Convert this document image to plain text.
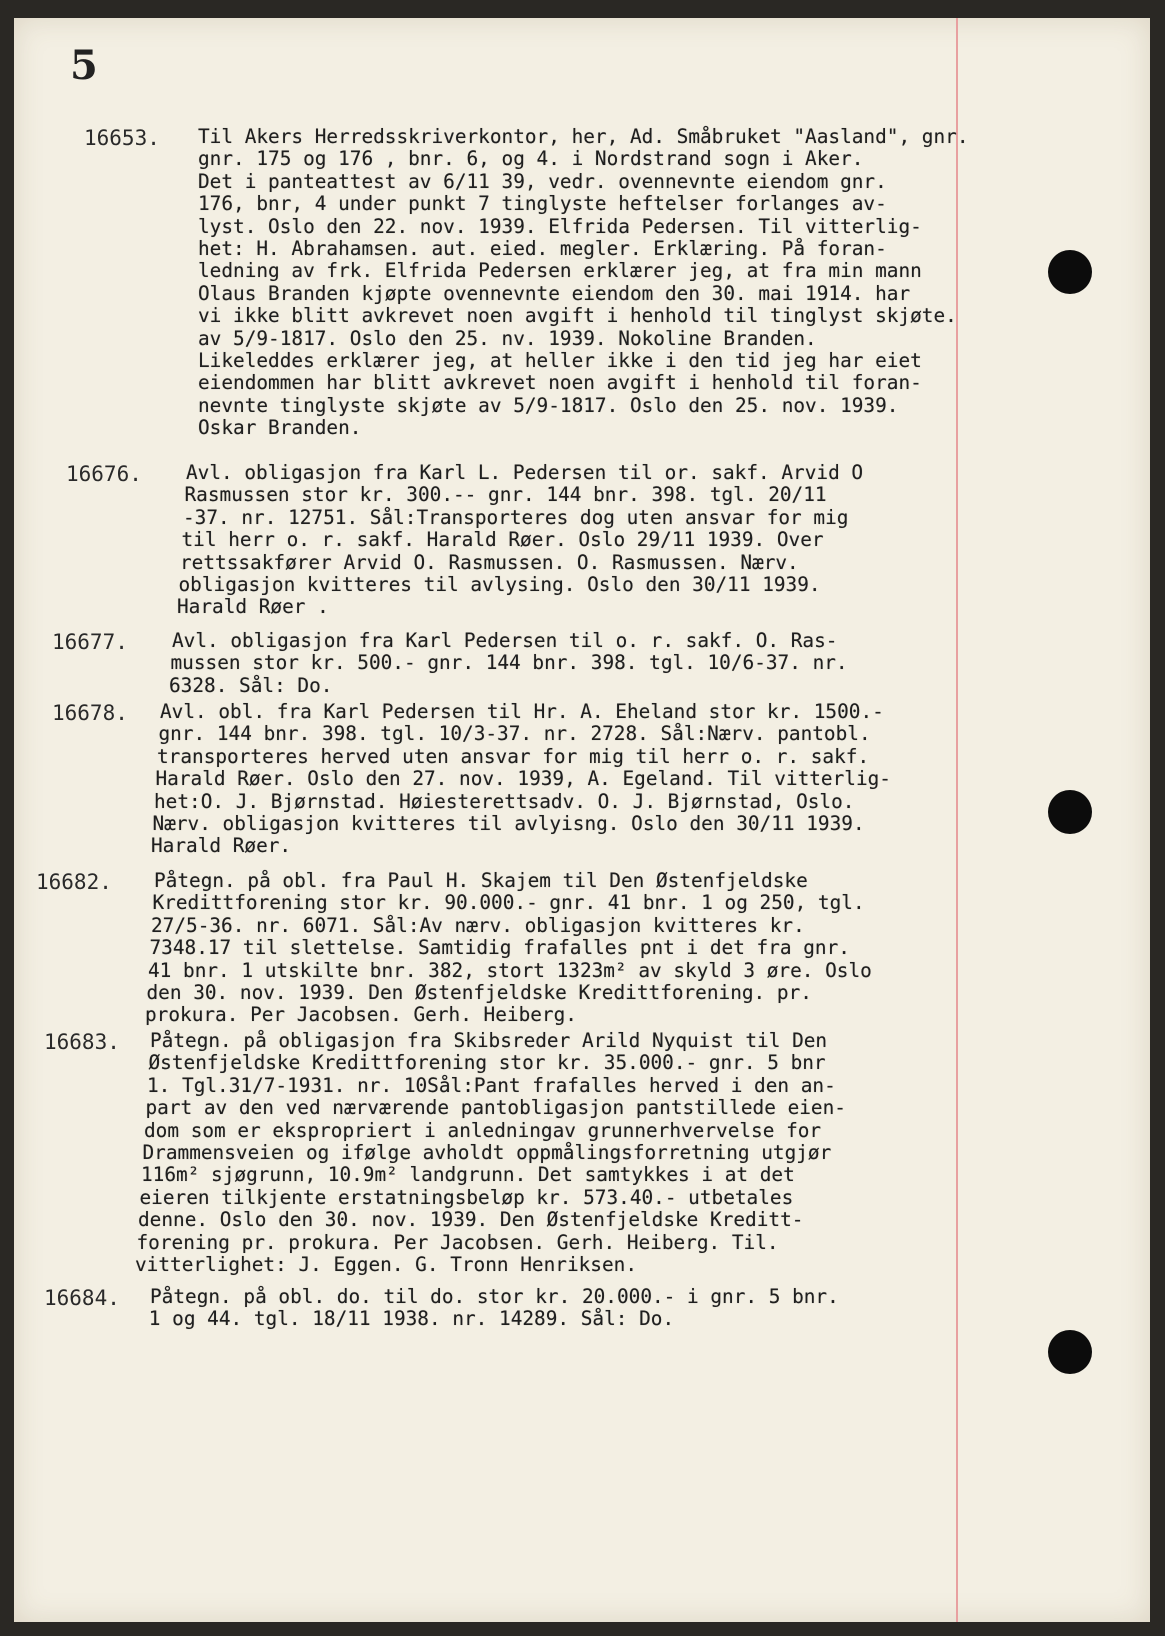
5
16653. Til Akers Herredsskriverkontor, her, Ad. Småbruket "Aasland", gnr.
gnr. 175 og 176 , bnr. 6, og 4. i Nordstrand sogn i Aker.
Det i panteattest av 6/11 39, vedr. ovennevnte eiendom gnr.
176, bnr, 4 under punkt 7 tinglyste heftelser forlanges av-
lyst. Oslo den 22. nov. 1939. Elfrida Pedersen. Til vitterlig-
het: H. Abrahamsen. aut. eied. megler. Erklæring. På foran-
ledning av frk. Elfrida Pedersen erklærer jeg, at fra min mann
Olaus Branden kjøpte ovennevnte eiendom den 30. mai 1914. har
vi ikke blitt avkrevet noen avgift i henhold til tinglyst skjøte.
av 5/9-1817. Oslo den 25. nv. 1939. Nokoline Branden.
Likeleddes erklærer jeg, at heller ikke i den tid jeg har eiet
eiendommen har blitt avkrevet noen avgift i henhold til foran-
nevnte tinglyste skjøte av 5/9-1817. Oslo den 25. nov. 1939.
Oskar Branden.
16676. Avl. obligasjon fra Karl L. Pedersen til or. sakf. Arvid O
Rasmussen stor kr. 300.-- gnr. 144 bnr. 398. tgl. 20/11
-37. nr. 12751. Sål:Transporteres dog uten ansvar for mig
til herr o. r. sakf. Harald Røer. Oslo 29/11 1939. Over
rettssakfører Arvid O. Rasmussen. O. Rasmussen. Nærv.
obligasjon kvitteres til avlysing. Oslo den 30/11 1939.
Harald Røer .
16677. Avl. obligasjon fra Karl Pedersen til o. r. sakf. O. Ras-
mussen stor kr. 500.- gnr. 144 bnr. 398. tgl. 10/6-37. nr.
6328. Sål: Do.
16678. Avl. obl. fra Karl Pedersen til Hr. A. Eheland stor kr. 1500.-
gnr. 144 bnr. 398. tgl. 10/3-37. nr. 2728. Sål:Nærv. pantobl.
transporteres herved uten ansvar for mig til herr o. r. sakf.
Harald Røer. Oslo den 27. nov. 1939, A. Egeland. Til vitterlig-
het:O. J. Bjørnstad. Høiesterettsadv. O. J. Bjørnstad, Oslo.
Nærv. obligasjon kvitteres til avlyisng. Oslo den 30/11 1939.
Harald Røer.
16682. Påtegn. på obl. fra Paul H. Skajem til Den Østenfjeldske
Kredittforening stor kr. 90.000.- gnr. 41 bnr. 1 og 250, tgl.
27/5-36. nr. 6071. Sål:Av nærv. obligasjon kvitteres kr.
7348.17 til slettelse. Samtidig frafalles pnt i det fra gnr.
41 bnr. 1 utskilte bnr. 382, stort 1323m² av skyld 3 øre. Oslo
den 30. nov. 1939. Den Østenfjeldske Kredittforening. pr.
prokura. Per Jacobsen. Gerh. Heiberg.
16683. Påtegn. på obligasjon fra Skibsreder Arild Nyquist til Den
Østenfjeldske Kredittforening stor kr. 35.000.- gnr. 5 bnr
1. Tgl.31/7-1931. nr. 10Sål:Pant frafalles herved i den an-
part av den ved nærværende pantobligasjon pantstillede eien-
dom som er ekspropriert i anledningav grunnerhvervelse for
Drammensveien og ifølge avholdt oppmålingsforretning utgjør
116m² sjøgrunn, 10.9m² landgrunn. Det samtykkes i at det
eieren tilkjente erstatningsbeløp kr. 573.40.- utbetales
denne. Oslo den 30. nov. 1939. Den Østenfjeldske Kreditt-
forening pr. prokura. Per Jacobsen. Gerh. Heiberg. Til.
vitterlighet: J. Eggen. G. Tronn Henriksen.
16684. Påtegn. på obl. do. til do. stor kr. 20.000.- i gnr. 5 bnr.
1 og 44. tgl. 18/11 1938. nr. 14289. Sål: Do.
